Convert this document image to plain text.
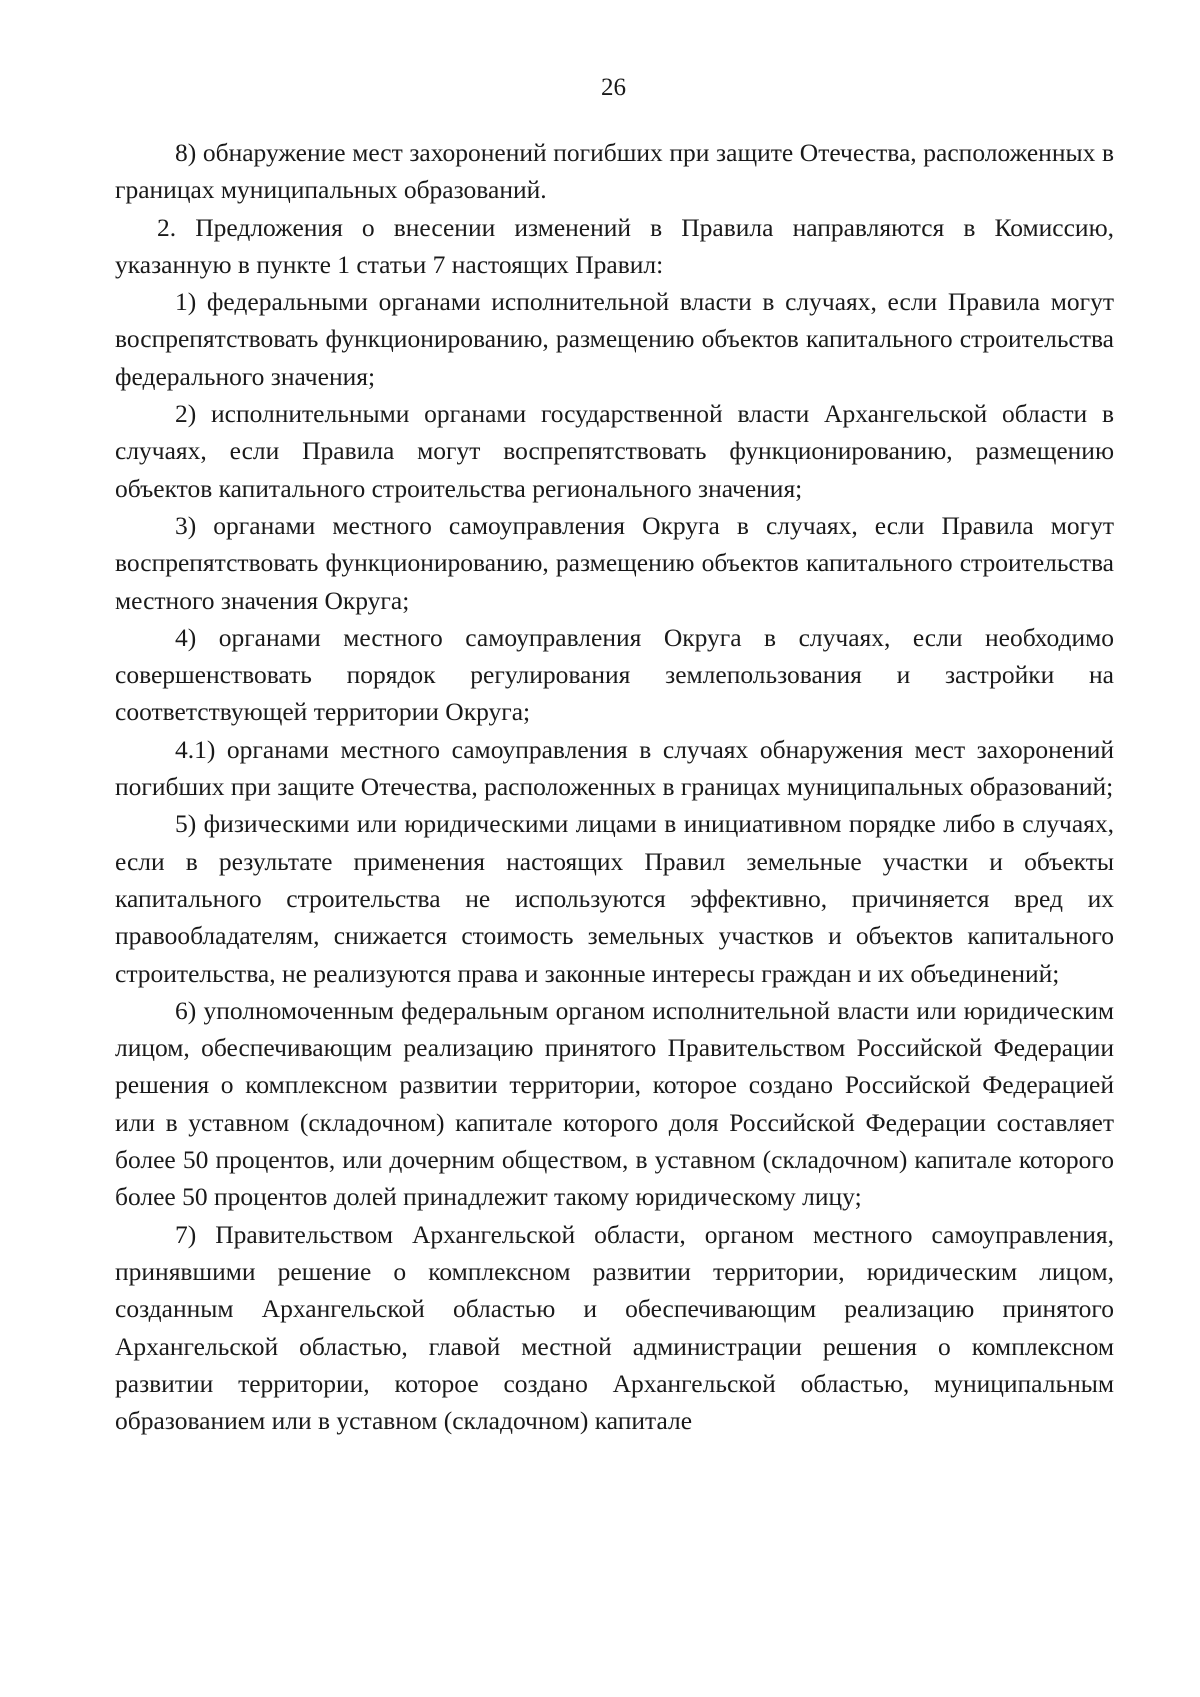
26

8) обнаружение мест захоронений погибших при защите Отечества, расположенных в границах муниципальных образований.

2. Предложения о внесении изменений в Правила направляются в Комиссию, указанную в пункте 1 статьи 7 настоящих Правил:

1) федеральными органами исполнительной власти в случаях, если Правила могут воспрепятствовать функционированию, размещению объектов капитального строительства федерального значения;

2) исполнительными органами государственной власти Архангельской области в случаях, если Правила могут воспрепятствовать функционированию, размещению объектов капитального строительства регионального значения;

3) органами местного самоуправления Округа в случаях, если Правила могут воспрепятствовать функционированию, размещению объектов капитального строительства местного значения Округа;

4) органами местного самоуправления Округа в случаях, если необходимо совершенствовать порядок регулирования землепользования и застройки на соответствующей территории Округа;

4.1) органами местного самоуправления в случаях обнаружения мест захоронений погибших при защите Отечества, расположенных в границах муниципальных образований;

5) физическими или юридическими лицами в инициативном порядке либо в случаях, если в результате применения настоящих Правил земельные участки и объекты капитального строительства не используются эффективно, причиняется вред их правообладателям, снижается стоимость земельных участков и объектов капитального строительства, не реализуются права и законные интересы граждан и их объединений;

6) уполномоченным федеральным органом исполнительной власти или юридическим лицом, обеспечивающим реализацию принятого Правительством Российской Федерации решения о комплексном развитии территории, которое создано Российской Федерацией или в уставном (складочном) капитале которого доля Российской Федерации составляет более 50 процентов, или дочерним обществом, в уставном (складочном) капитале которого более 50 процентов долей принадлежит такому юридическому лицу;

7) Правительством Архангельской области, органом местного самоуправления, принявшими решение о комплексном развитии территории, юридическим лицом, созданным Архангельской областью и обеспечивающим реализацию принятого Архангельской областью, главой местной администрации решения о комплексном развитии территории, которое создано Архангельской областью, муниципальным образованием или в уставном (складочном) капитале
